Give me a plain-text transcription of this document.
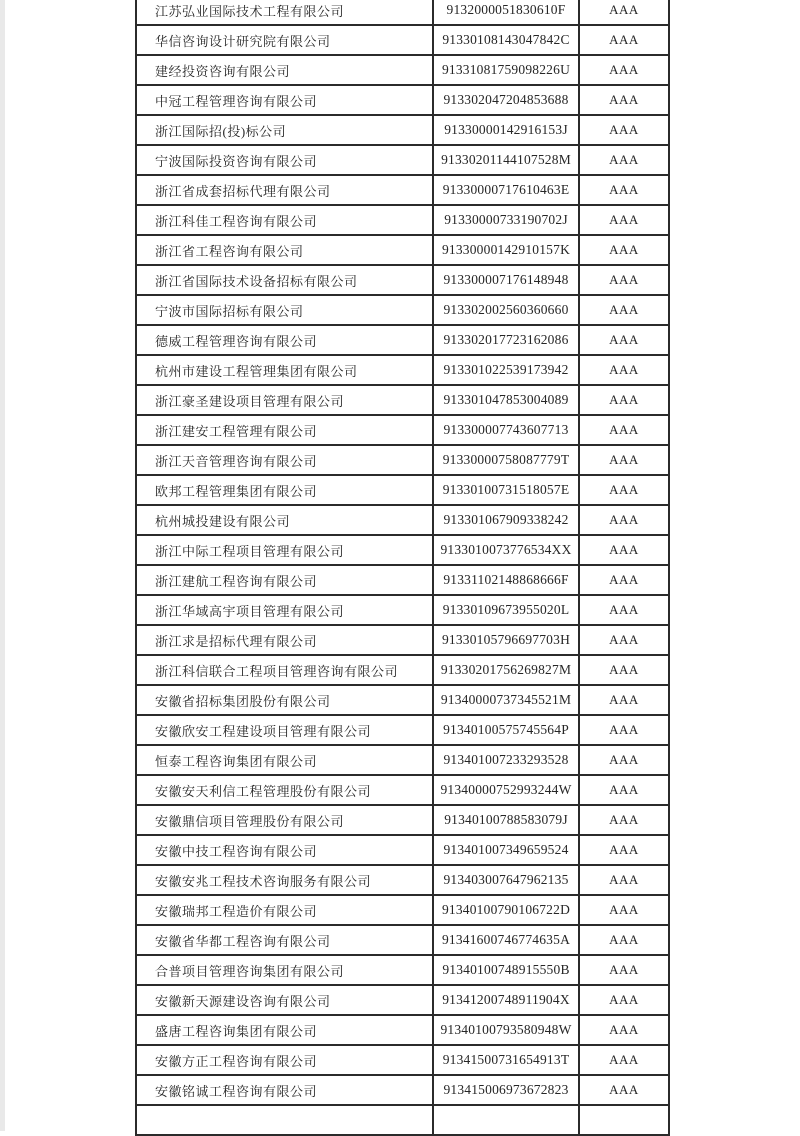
江苏弘业国际技术工程有限公司	9132000051830610F	AAA
华信咨询设计研究院有限公司	91330108143047842C	AAA
建经投资咨询有限公司	91331081759098226U	AAA
中冠工程管理咨询有限公司	913302047204853688	AAA
浙江国际招(投)标公司	91330000142916153J	AAA
宁波国际投资咨询有限公司	91330201144107528M	AAA
浙江省成套招标代理有限公司	91330000717610463E	AAA
浙江科佳工程咨询有限公司	91330000733190702J	AAA
浙江省工程咨询有限公司	91330000142910157K	AAA
浙江省国际技术设备招标有限公司	913300007176148948	AAA
宁波市国际招标有限公司	913302002560360660	AAA
德威工程管理咨询有限公司	913302017723162086	AAA
杭州市建设工程管理集团有限公司	913301022539173942	AAA
浙江豪圣建设项目管理有限公司	913301047853004089	AAA
浙江建安工程管理有限公司	913300007743607713	AAA
浙江天音管理咨询有限公司	91330000758087779T	AAA
欧邦工程管理集团有限公司	91330100731518057E	AAA
杭州城投建设有限公司	913301067909338242	AAA
浙江中际工程项目管理有限公司	9133010073776534XX	AAA
浙江建航工程咨询有限公司	91331102148868666F	AAA
浙江华域高宇项目管理有限公司	91330109673955020L	AAA
浙江求是招标代理有限公司	91330105796697703H	AAA
浙江科信联合工程项目管理咨询有限公司	91330201756269827M	AAA
安徽省招标集团股份有限公司	91340000737345521M	AAA
安徽欣安工程建设项目管理有限公司	91340100575745564P	AAA
恒泰工程咨询集团有限公司	913401007233293528	AAA
安徽安天利信工程管理股份有限公司	91340000752993244W	AAA
安徽鼎信项目管理股份有限公司	91340100788583079J	AAA
安徽中技工程咨询有限公司	913401007349659524	AAA
安徽安兆工程技术咨询服务有限公司	913403007647962135	AAA
安徽瑞邦工程造价有限公司	91340100790106722D	AAA
安徽省华都工程咨询有限公司	91341600746774635A	AAA
合普项目管理咨询集团有限公司	91340100748915550B	AAA
安徽新天源建设咨询有限公司	91341200748911904X	AAA
盛唐工程咨询集团有限公司	91340100793580948W	AAA
安徽方正工程咨询有限公司	91341500731654913T	AAA
安徽铭诚工程咨询有限公司	913415006973672823	AAA
